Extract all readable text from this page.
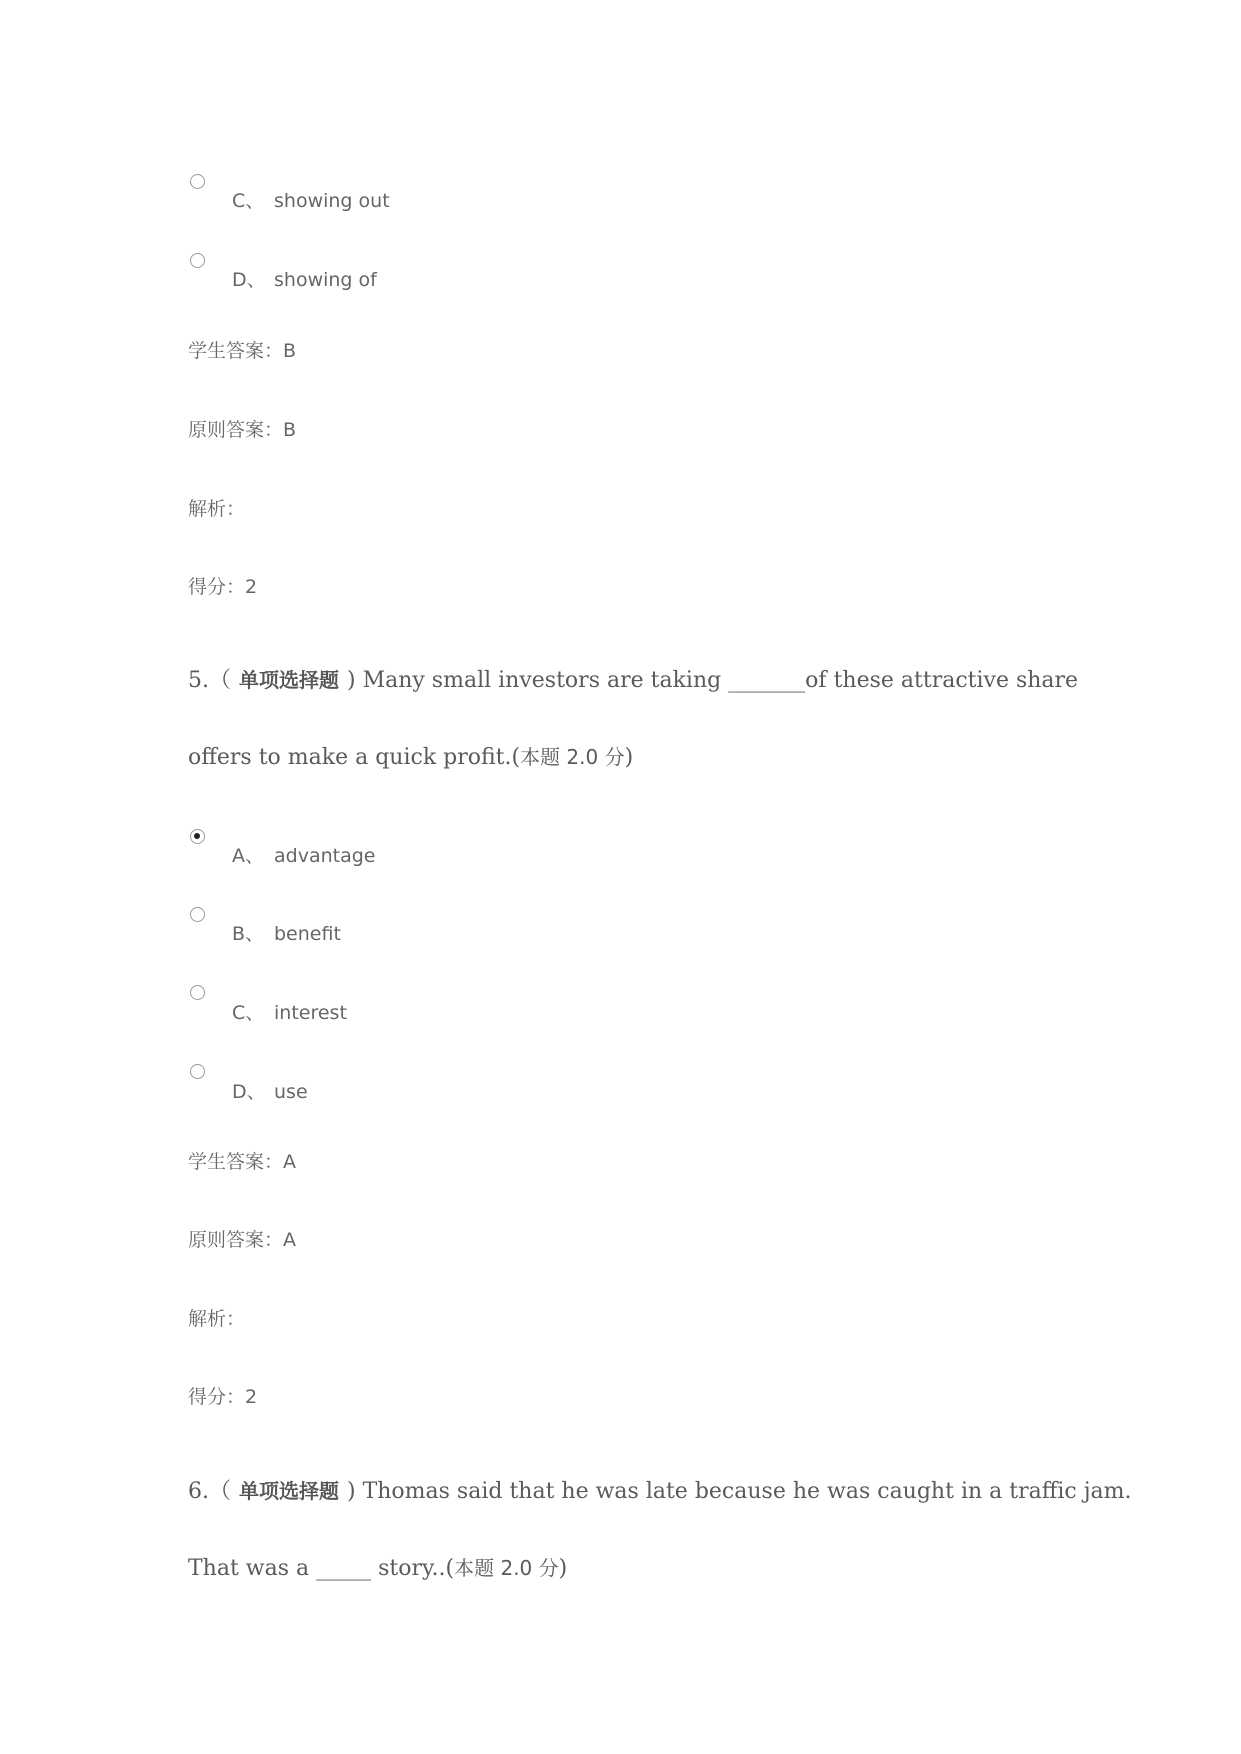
C、 showing out
D、 showing of
学生答案：B
原则答案：B
解析：
得分：2
5.（ 单项选择题 ) Many small investors are taking _______of these attractive share
offers to make a quick profit.(本题 2.0 分)
A、 advantage
B、 benefit
C、 interest
D、 use
学生答案：A
原则答案：A
解析：
得分：2
6.（ 单项选择题 ) Thomas said that he was late because he was caught in a traffic jam.
That was a _____ story..(本题 2.0 分)
